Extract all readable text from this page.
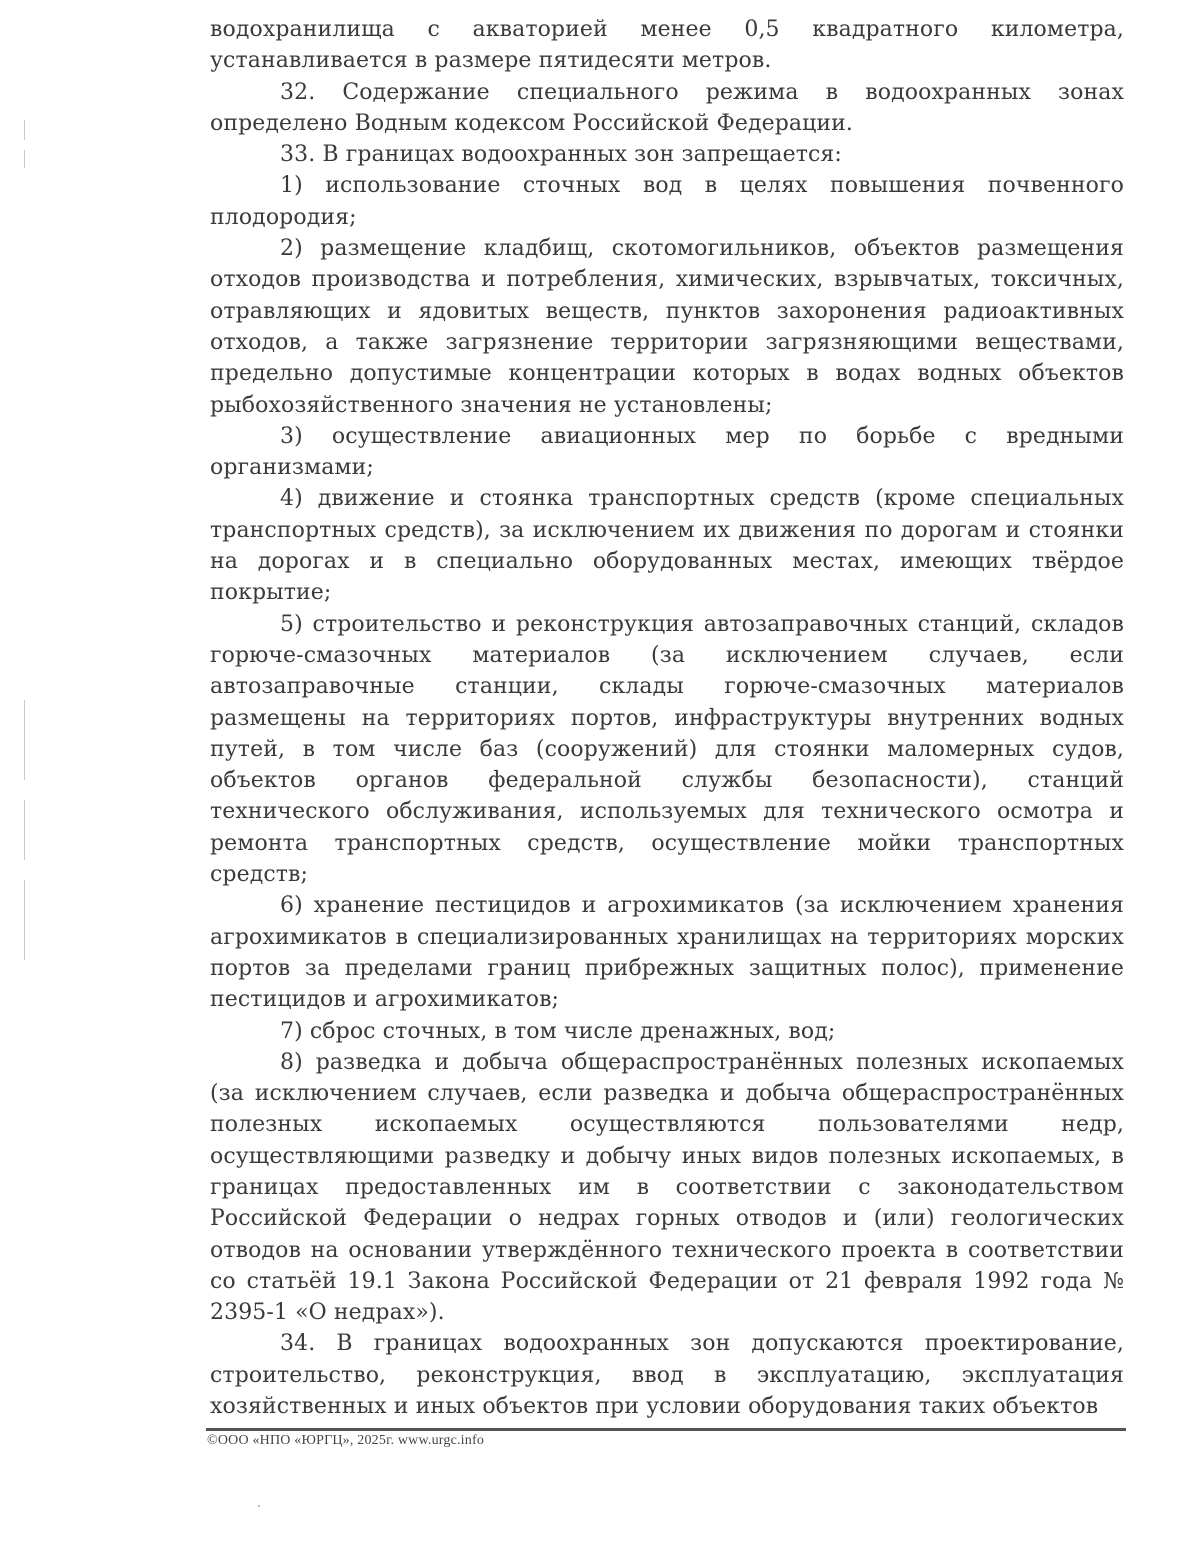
водохранилища с акваторией менее 0,5 квадратного километра, устанавливается в размере пятидесяти метров.

32. Содержание специального режима в водоохранных зонах определено Водным кодексом Российской Федерации.

33. В границах водоохранных зон запрещается:

1) использование сточных вод в целях повышения почвенного плодородия;

2) размещение кладбищ, скотомогильников, объектов размещения отходов производства и потребления, химических, взрывчатых, токсичных, отравляющих и ядовитых веществ, пунктов захоронения радиоактивных отходов, а также загрязнение территории загрязняющими веществами, предельно допустимые концентрации которых в водах водных объектов рыбохозяйственного значения не установлены;

3) осуществление авиационных мер по борьбе с вредными организмами;

4) движение и стоянка транспортных средств (кроме специальных транспортных средств), за исключением их движения по дорогам и стоянки на дорогах и в специально оборудованных местах, имеющих твёрдое покрытие;

5) строительство и реконструкция автозаправочных станций, складов горюче-смазочных материалов (за исключением случаев, если автозаправочные станции, склады горюче-смазочных материалов размещены на территориях портов, инфраструктуры внутренних водных путей, в том числе баз (сооружений) для стоянки маломерных судов, объектов органов федеральной службы безопасности), станций технического обслуживания, используемых для технического осмотра и ремонта транспортных средств, осуществление мойки транспортных средств;

6) хранение пестицидов и агрохимикатов (за исключением хранения агрохимикатов в специализированных хранилищах на территориях морских портов за пределами границ прибрежных защитных полос), применение пестицидов и агрохимикатов;

7) сброс сточных, в том числе дренажных, вод;

8) разведка и добыча общераспространённых полезных ископаемых (за исключением случаев, если разведка и добыча общераспространённых полезных ископаемых осуществляются пользователями недр, осуществляющими разведку и добычу иных видов полезных ископаемых, в границах предоставленных им в соответствии с законодательством Российской Федерации о недрах горных отводов и (или) геологических отводов на основании утверждённого технического проекта в соответствии со статьёй 19.1 Закона Российской Федерации от 21 февраля 1992 года № 2395-1 «О недрах»).

34. В границах водоохранных зон допускаются проектирование, строительство, реконструкция, ввод в эксплуатацию, эксплуатация хозяйственных и иных объектов при условии оборудования таких объектов

©ООО «НПО «ЮРГЦ», 2025г. www.urgc.info
